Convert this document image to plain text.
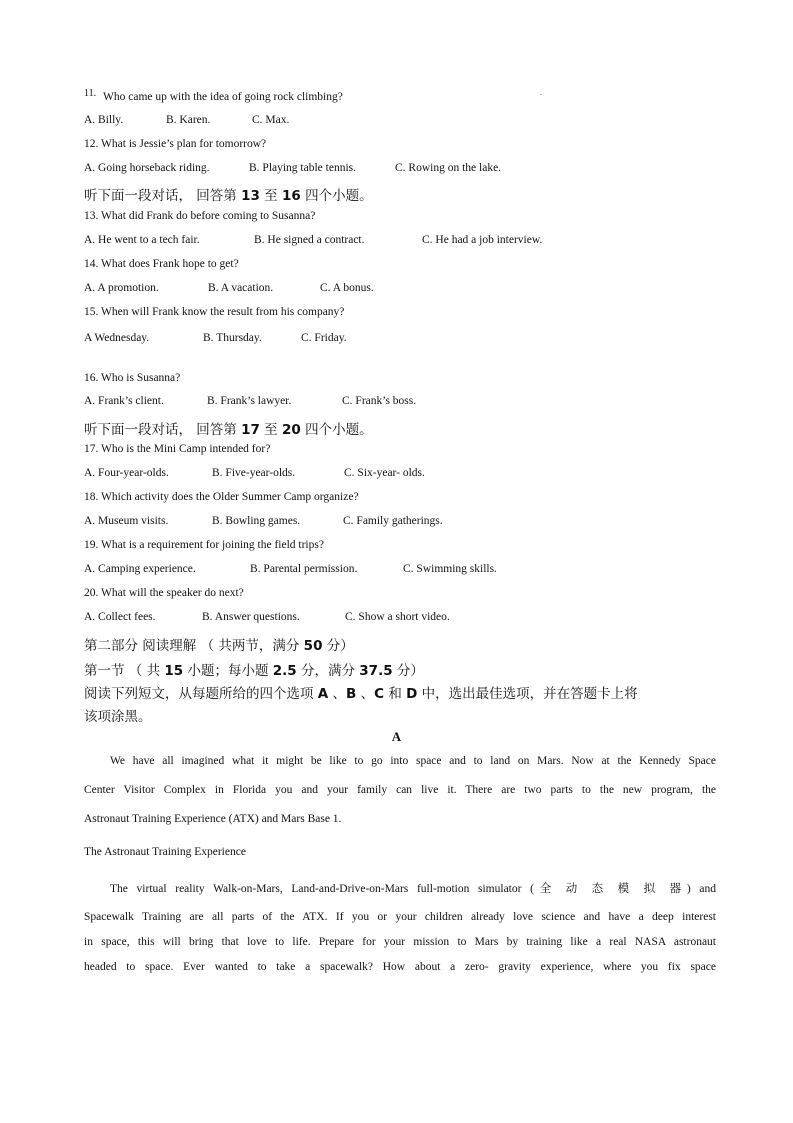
.
11. Who came up with the idea of going rock climbing?
A. Billy.	B. Karen.	C. Max.
12. What is Jessie’s plan for tomorrow?
A. Going horseback riding.	B. Playing table tennis.	C. Rowing on the lake.
听下面一段对话， 回答第 13 至 16 四个小题。
13. What did Frank do before coming to Susanna?
A. He went to a tech fair.	B. He signed a contract.	C. He had a job interview.
14. What does Frank hope to get?
A. A promotion.	B. A vacation.	C. A bonus.
15. When will Frank know the result from his company?
A Wednesday.	B. Thursday.	C. Friday.
16. Who is Susanna?
A. Frank’s client.	B. Frank’s lawyer.	C. Frank’s boss.
听下面一段对话， 回答第 17 至 20 四个小题。
17. Who is the Mini Camp intended for?
A. Four-year-olds.	B. Five-year-olds.	C. Six-year- olds.
18. Which activity does the Older Summer Camp organize?
A. Museum visits.	B. Bowling games.	C. Family gatherings.
19. What is a requirement for joining the field trips?
A. Camping experience.	B. Parental permission.	C. Swimming skills.
20. What will the speaker do next?
A. Collect fees.	B. Answer questions.	C. Show a short video.
第二部分 阅读理解 （ 共两节，满分 50 分）
第一节 （ 共 15 小题；每小题 2.5 分，满分 37.5 分）
阅读下列短文，从每题所给的四个选项 A 、B 、C 和 D 中，选出最佳选项，并在答题卡上将
该项涂黑。
A
We have all imagined what it might be like to go into space and to land on Mars. Now at the Kennedy Space
Center Visitor Complex in Florida you and your family can live it. There are two parts to the new program, the
Astronaut Training Experience (ATX) and Mars Base 1.
The Astronaut Training Experience
The virtual reality Walk-on-Mars, Land-and-Drive-on-Mars full-motion simulator (全 动 态 模 拟 器) and
Spacewalk Training are all parts of the ATX. If you or your children already love science and have a deep interest
in space, this will bring that love to life. Prepare for your mission to Mars by training like a real NASA astronaut
headed to space. Ever wanted to take a spacewalk? How about a zero- gravity experience, where you fix space
